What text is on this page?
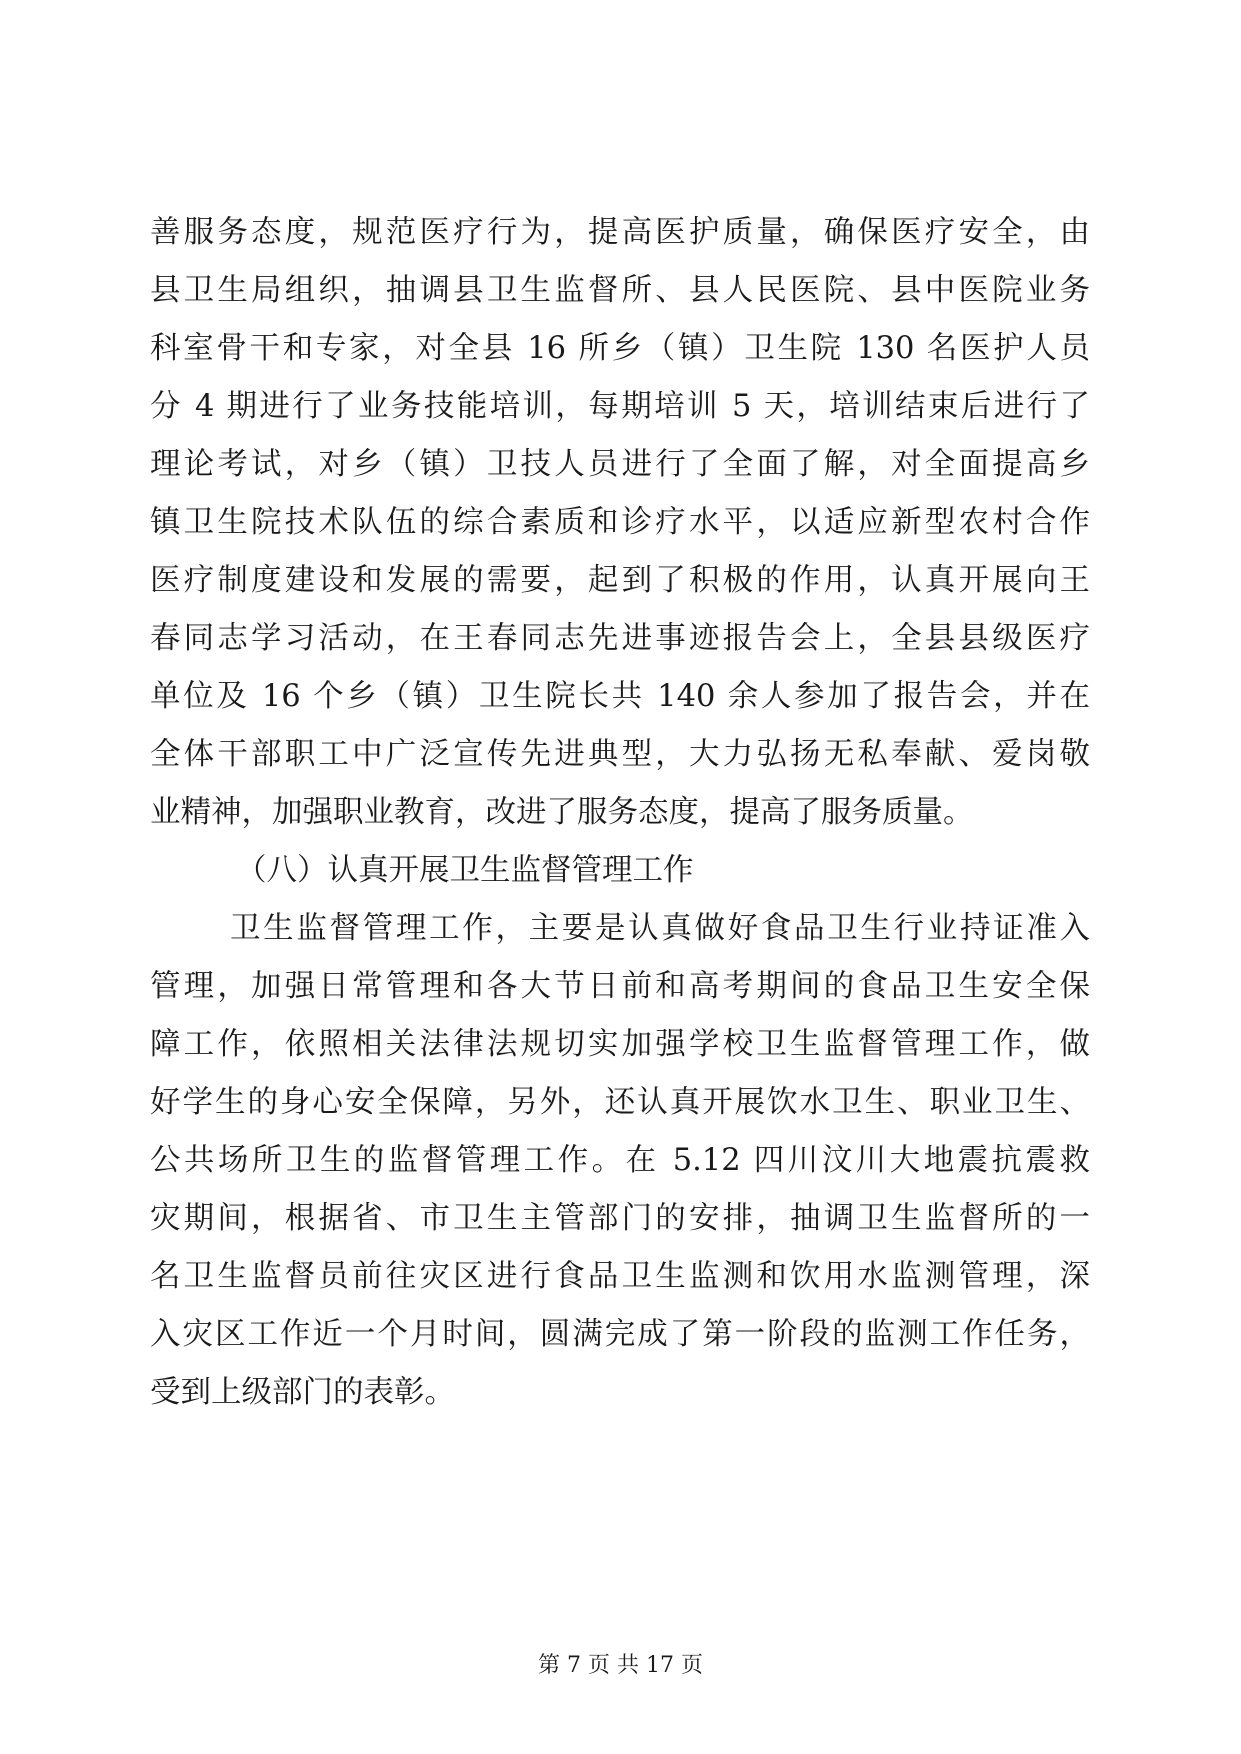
善服务态度，规范医疗行为，提高医护质量，确保医疗安全，由
县卫生局组织，抽调县卫生监督所、县人民医院、县中医院业务
科室骨干和专家，对全县 16 所乡（镇）卫生院 130 名医护人员
分 4 期进行了业务技能培训，每期培训 5 天，培训结束后进行了
理论考试，对乡（镇）卫技人员进行了全面了解，对全面提高乡
镇卫生院技术队伍的综合素质和诊疗水平，以适应新型农村合作
医疗制度建设和发展的需要，起到了积极的作用，认真开展向王
春同志学习活动，在王春同志先进事迹报告会上，全县县级医疗
单位及 16 个乡（镇）卫生院长共 140 余人参加了报告会，并在
全体干部职工中广泛宣传先进典型，大力弘扬无私奉献、爱岗敬
业精神，加强职业教育，改进了服务态度，提高了服务质量。
（八）认真开展卫生监督管理工作
卫生监督管理工作，主要是认真做好食品卫生行业持证准入
管理，加强日常管理和各大节日前和高考期间的食品卫生安全保
障工作，依照相关法律法规切实加强学校卫生监督管理工作，做
好学生的身心安全保障，另外，还认真开展饮水卫生、职业卫生、
公共场所卫生的监督管理工作。在 5.12 四川汶川大地震抗震救
灾期间，根据省、市卫生主管部门的安排，抽调卫生监督所的一
名卫生监督员前往灾区进行食品卫生监测和饮用水监测管理，深
入灾区工作近一个月时间，圆满完成了第一阶段的监测工作任务，
受到上级部门的表彰。
第 7 页 共 17 页
